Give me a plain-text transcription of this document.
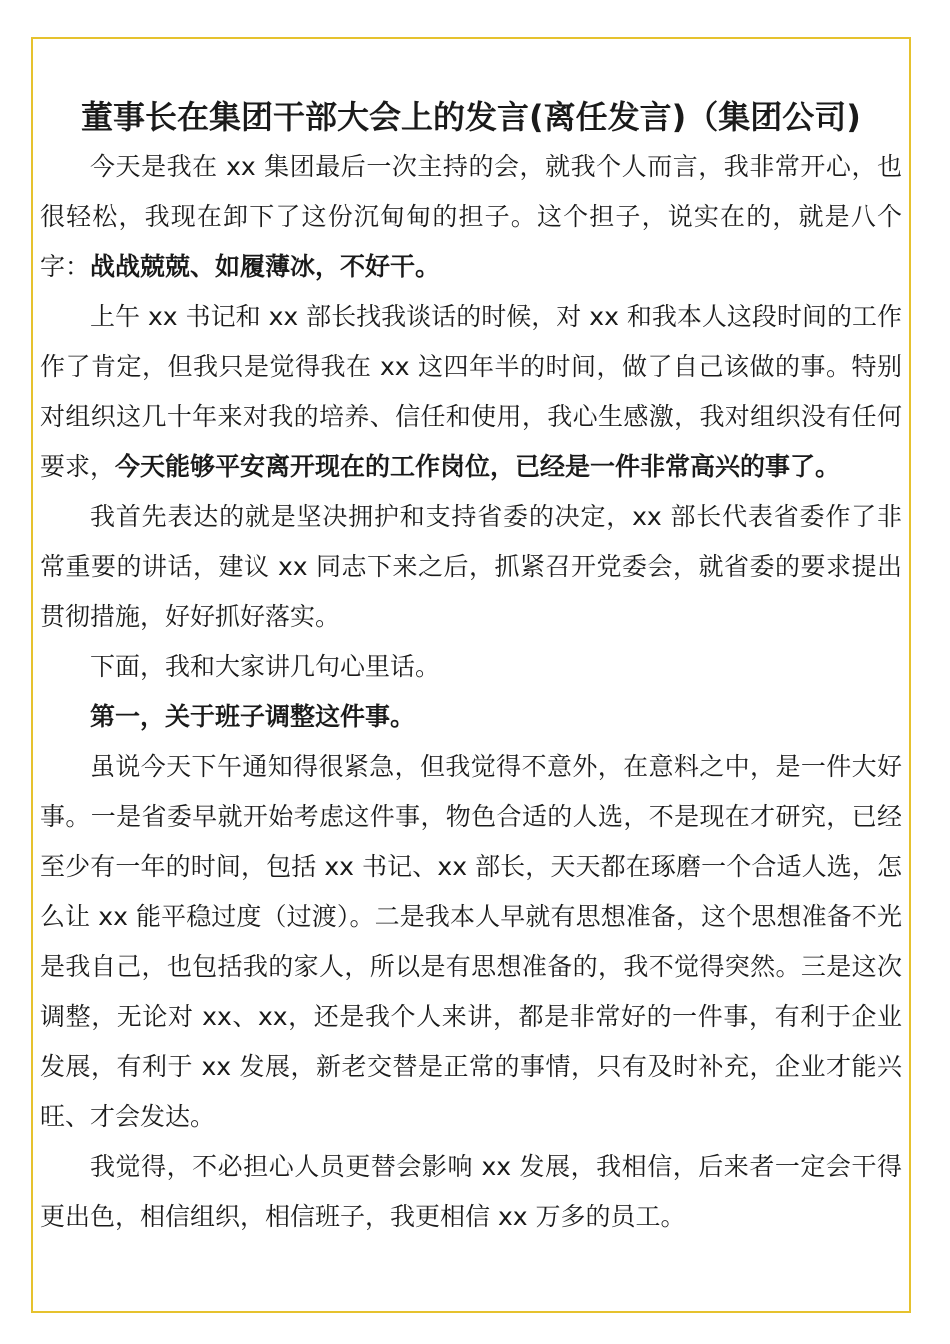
董事长在集团干部大会上的发言(离任发言)（集团公司)

今天是我在 xx 集团最后一次主持的会，就我个人而言，我非常开心，也很轻松，我现在卸下了这份沉甸甸的担子。这个担子，说实在的，就是八个字：战战兢兢、如履薄冰，不好干。

上午 xx 书记和 xx 部长找我谈话的时候，对 xx 和我本人这段时间的工作作了肯定，但我只是觉得我在 xx 这四年半的时间，做了自己该做的事。特别对组织这几十年来对我的培养、信任和使用，我心生感激，我对组织没有任何要求，今天能够平安离开现在的工作岗位，已经是一件非常高兴的事了。

我首先表达的就是坚决拥护和支持省委的决定，xx 部长代表省委作了非常重要的讲话，建议 xx 同志下来之后，抓紧召开党委会，就省委的要求提出贯彻措施，好好抓好落实。

下面，我和大家讲几句心里话。

第一，关于班子调整这件事。

虽说今天下午通知得很紧急，但我觉得不意外，在意料之中，是一件大好事。一是省委早就开始考虑这件事，物色合适的人选，不是现在才研究，已经至少有一年的时间，包括 xx 书记、xx 部长，天天都在琢磨一个合适人选，怎么让 xx 能平稳过度（过渡）。二是我本人早就有思想准备，这个思想准备不光是我自己，也包括我的家人，所以是有思想准备的，我不觉得突然。三是这次调整，无论对 xx、xx，还是我个人来讲，都是非常好的一件事，有利于企业发展，有利于 xx 发展，新老交替是正常的事情，只有及时补充，企业才能兴旺、才会发达。

我觉得，不必担心人员更替会影响 xx 发展，我相信，后来者一定会干得更出色，相信组织，相信班子，我更相信 xx 万多的员工。
